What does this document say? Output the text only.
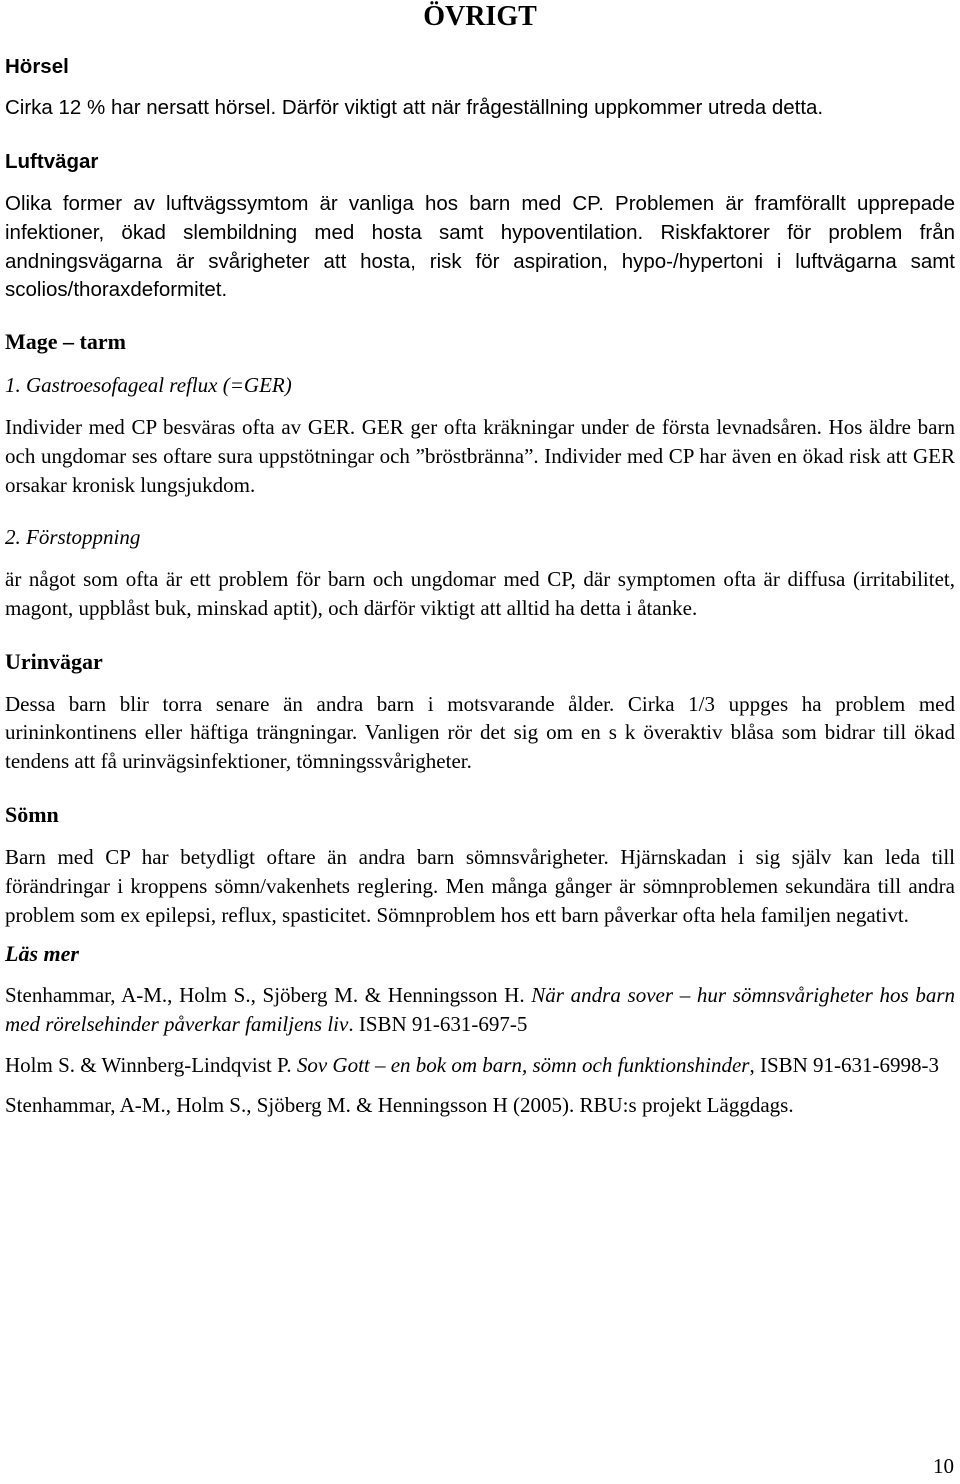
ÖVRIGT
Hörsel

Cirka 12 % har nersatt hörsel. Därför viktigt att när frågeställning uppkommer utreda detta.

Luftvägar

Olika former av luftvägssymtom är vanliga hos barn med CP. Problemen är framförallt upprepade infektioner, ökad slembildning med hosta samt hypoventilation. Riskfaktorer för problem från andningsvägarna är svårigheter att hosta, risk för aspiration, hypo-/hypertoni i luftvägarna samt scolios/thoraxdeformitet.

Mage – tarm

1. Gastroesofageal reflux (=GER)

Individer med CP besväras ofta av GER. GER ger ofta kräkningar under de första levnadsåren. Hos äldre barn och ungdomar ses oftare sura uppstötningar och ”bröstbränna”. Individer med CP har även en ökad risk att GER orsakar kronisk lungsjukdom.

2. Förstoppning

är något som ofta är ett problem för barn och ungdomar med CP, där symptomen ofta är diffusa (irritabilitet, magont, uppblåst buk, minskad aptit), och därför viktigt att alltid ha detta i åtanke.

Urinvägar

Dessa barn blir torra senare än andra barn i motsvarande ålder. Cirka 1/3 uppges ha problem med urininkontinens eller häftiga trängningar. Vanligen rör det sig om en s k överaktiv blåsa som bidrar till ökad tendens att få urinvägsinfektioner, tömningssvårigheter.

Sömn

Barn med CP har betydligt oftare än andra barn sömnsvårigheter. Hjärnskadan i sig själv kan leda till förändringar i kroppens sömn/vakenhets reglering. Men många gånger är sömnproblemen sekundära till andra problem som ex epilepsi, reflux, spasticitet. Sömnproblem hos ett barn påverkar ofta hela familjen negativt.

Läs mer

Stenhammar, A-M., Holm S., Sjöberg M. & Henningsson H. När andra sover – hur sömnsvårigheter hos barn med rörelsehinder påverkar familjens liv. ISBN 91-631-697-5

Holm S. & Winnberg-Lindqvist P. Sov Gott – en bok om barn, sömn och funktionshinder, ISBN 91-631-6998-3

Stenhammar, A-M., Holm S., Sjöberg M. & Henningsson H (2005). RBU:s projekt Läggdags.

10
